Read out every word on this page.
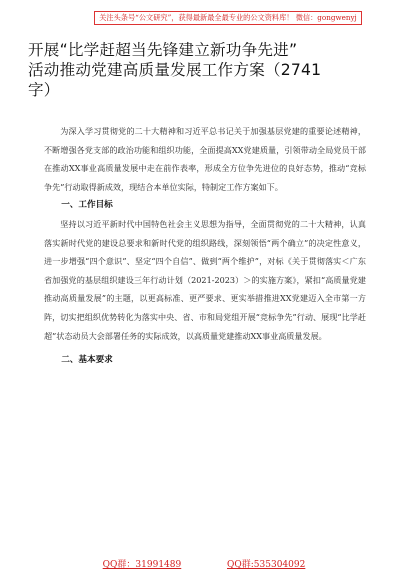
关注头条号“公文研究”，获得最新最全最专业的公文资料库！ 微信：gongwenyj
开展“比学赶超当先锋建立新功争先进”
活动推动党建高质量发展工作方案（2741
字）

为深入学习贯彻党的二十大精神和习近平总书记关于加强基层党建的重要论述精神，不断增强各党支部的政治功能和组织功能，全面提高XX党建质量，引领带动全局党员干部在推动XX事业高质量发展中走在前作表率，形成全方位争先进位的良好态势，推动“竞标争先”行动取得新成效，现结合本单位实际，特制定工作方案如下。

一、工作目标

坚持以习近平新时代中国特色社会主义思想为指导，全面贯彻党的二十大精神，认真落实新时代党的建设总要求和新时代党的组织路线，深刻领悟“两个确立”的决定性意义，进一步增强“四个意识”、坚定“四个自信”、做到“两个维护”，对标《关于贯彻落实＜广东省加强党的基层组织建设三年行动计划（2021-2023）＞的实施方案》，紧扣“高质量党建推动高质量发展”的主题，以更高标准、更严要求、更实举措推进XX党建迈入全市第一方阵，切实把组织优势转化为落实中央、省、市和局党组开展“竞标争先”行动、展现“比学赶超”状态动员大会部署任务的实际成效，以高质量党建推动XX事业高质量发展。

二、基本要求

QQ群：31991489	QQ群:535304092
